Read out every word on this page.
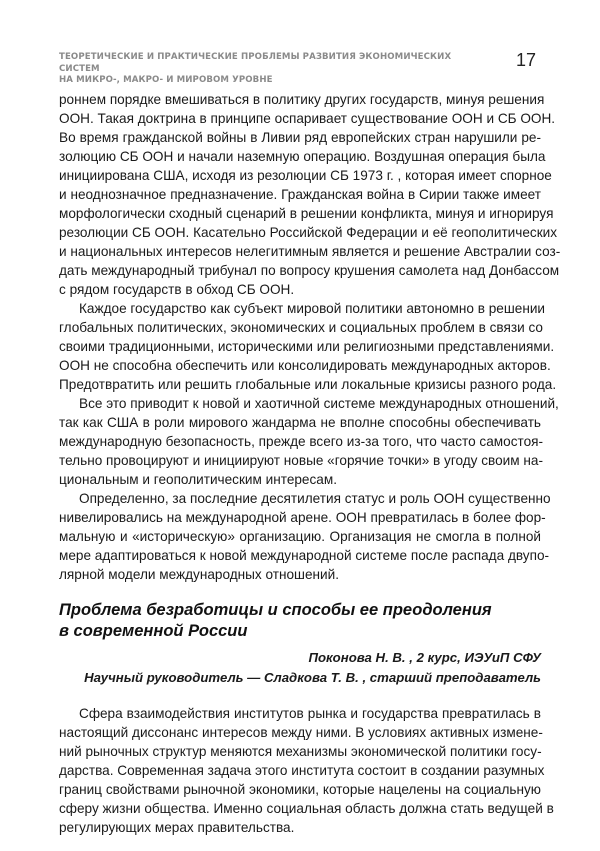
ТЕОРЕТИЧЕСКИЕ И ПРАКТИЧЕСКИЕ ПРОБЛЕМЫ РАЗВИТИЯ ЭКОНОМИЧЕСКИХ СИСТЕМ
НА МИКРО-, МАКРО- И МИРОВОМ УРОВНЕ
17
роннем порядке вмешиваться в политику других государств, минуя решения
ООН. Такая доктрина в принципе оспаривает существование ООН и СБ ООН.
Во время гражданской войны в Ливии ряд европейских стран нарушили ре-
золюцию СБ ООН и начали наземную операцию. Воздушная операция была
инициирована США, исходя из резолюции СБ 1973 г. , которая имеет спорное
и неоднозначное предназначение. Гражданская война в Сирии также имеет
морфологически сходный сценарий в решении конфликта, минуя и игнорируя
резолюции СБ ООН. Касательно Российской Федерации и её геополитических
и национальных интересов нелегитимным является и решение Австралии соз-
дать международный трибунал по вопросу крушения самолета над Донбассом
с рядом государств в обход СБ ООН.
Каждое государство как субъект мировой политики автономно в решении
глобальных политических, экономических и социальных проблем в связи со
своими традиционными, историческими или религиозными представлениями.
ООН не способна обеспечить или консолидировать международных акторов.
Предотвратить или решить глобальные или локальные кризисы разного рода.
Все это приводит к новой и хаотичной системе международных отношений,
так как США в роли мирового жандарма не вполне способны обеспечивать
международную безопасность, прежде всего из-за того, что часто самостоя-
тельно провоцируют и инициируют новые «горячие точки» в угоду своим на-
циональным и геополитическим интересам.
Определенно, за последние десятилетия статус и роль ООН существенно
нивелировались на международной арене. ООН превратилась в более фор-
мальную и «историческую» организацию. Организация не смогла в полной
мере адаптироваться к новой международной системе после распада двупо-
лярной модели международных отношений.
Проблема безработицы и способы ее преодоления
в современной России
Поконова Н. В. , 2 курс, ИЭУиП СФУ
Научный руководитель — Сладкова Т. В. , старший преподаватель
Сфера взаимодействия институтов рынка и государства превратилась в
настоящий диссонанс интересов между ними. В условиях активных измене-
ний рыночных структур меняются механизмы экономической политики госу-
дарства. Современная задача этого института состоит в создании разумных
границ свойствами рыночной экономики, которые нацелены на социальную
сферу жизни общества. Именно социальная область должна стать ведущей в
регулирующих мерах правительства.
